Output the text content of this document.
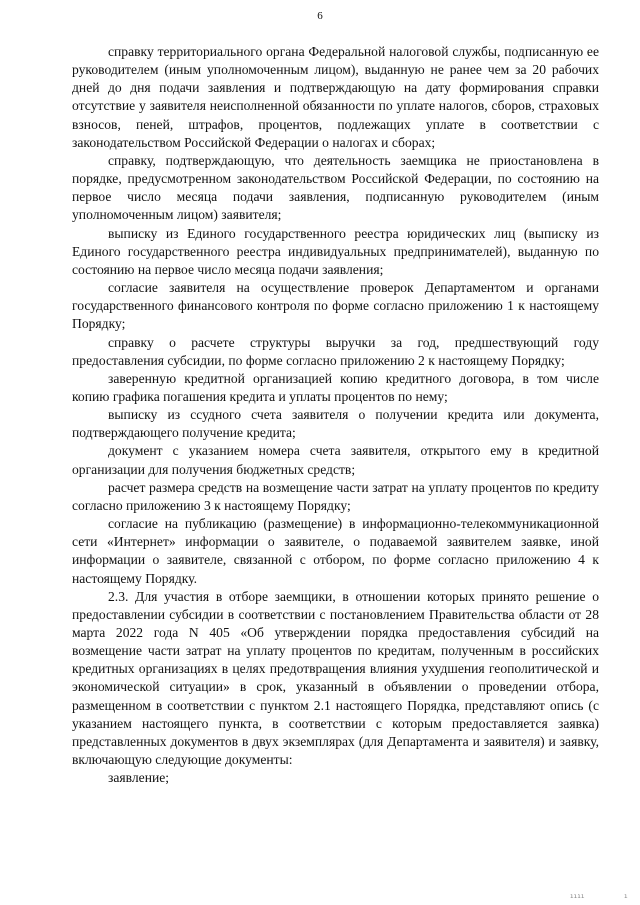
6

справку территориального органа Федеральной налоговой службы, подписанную ее руководителем (иным уполномоченным лицом), выданную не ранее чем за 20 рабочих дней до дня подачи заявления и подтверждающую на дату формирования справки отсутствие у заявителя неисполненной обязанности по уплате налогов, сборов, страховых взносов, пеней, штрафов, процентов, подлежащих уплате в соответствии с законодательством Российской Федерации о налогах и сборах;

справку, подтверждающую, что деятельность заемщика не приостановлена в порядке, предусмотренном законодательством Российской Федерации, по состоянию на первое число месяца подачи заявления, подписанную руководителем (иным уполномоченным лицом) заявителя;

выписку из Единого государственного реестра юридических лиц (выписку из Единого государственного реестра индивидуальных предпринимателей), выданную по состоянию на первое число месяца подачи заявления;

согласие заявителя на осуществление проверок Департаментом и органами государственного финансового контроля по форме согласно приложению 1 к настоящему Порядку;

справку о расчете структуры выручки за год, предшествующий году предоставления субсидии, по форме согласно приложению 2 к настоящему Порядку;

заверенную кредитной организацией копию кредитного договора, в том числе копию графика погашения кредита и уплаты процентов по нему;

выписку из ссудного счета заявителя о получении кредита или документа, подтверждающего получение кредита;

документ с указанием номера счета заявителя, открытого ему в кредитной организации для получения бюджетных средств;

расчет размера средств на возмещение части затрат на уплату процентов по кредиту согласно приложению 3 к настоящему Порядку;

согласие на публикацию (размещение) в информационно-телекоммуникационной сети «Интернет» информации о заявителе, о подаваемой заявителем заявке, иной информации о заявителе, связанной с отбором, по форме согласно приложению 4 к настоящему Порядку.

2.3. Для участия в отборе заемщики, в отношении которых принято решение о предоставлении субсидии в соответствии с постановлением Правительства области от 28 марта 2022 года N 405 «Об утверждении порядка предоставления субсидий на возмещение части затрат на уплату процентов по кредитам, полученным в российских кредитных организациях в целях предотвращения влияния ухудшения геополитической и экономической ситуации» в срок, указанный в объявлении о проведении отбора, размещенном в соответствии с пунктом 2.1 настоящего Порядка, представляют опись (с указанием настоящего пункта, в соответствии с которым предоставляется заявка) представленных документов в двух экземплярах (для Департамента и заявителя) и заявку, включающую следующие документы:

заявление;

ıııı	ı
